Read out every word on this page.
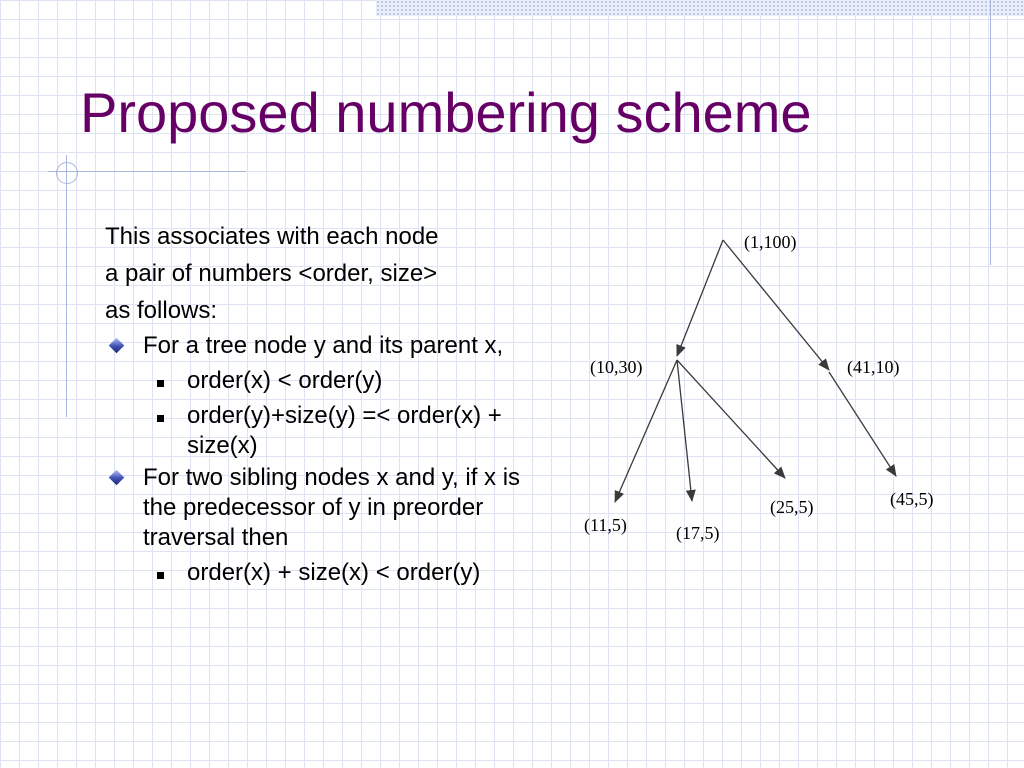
Proposed numbering scheme

This associates with each node
a pair of numbers <order, size>
as follows:

For a tree node y and its parent x,
order(x) < order(y)
order(y)+size(y) =< order(x) + size(x)
For two sibling nodes x and y, if x is the predecessor of y in preorder traversal then
order(x) + size(x) < order(y)
(1,100)
(10,30)	(41,10)
(11,5)	(17,5)
(25,5)	(45,5)
